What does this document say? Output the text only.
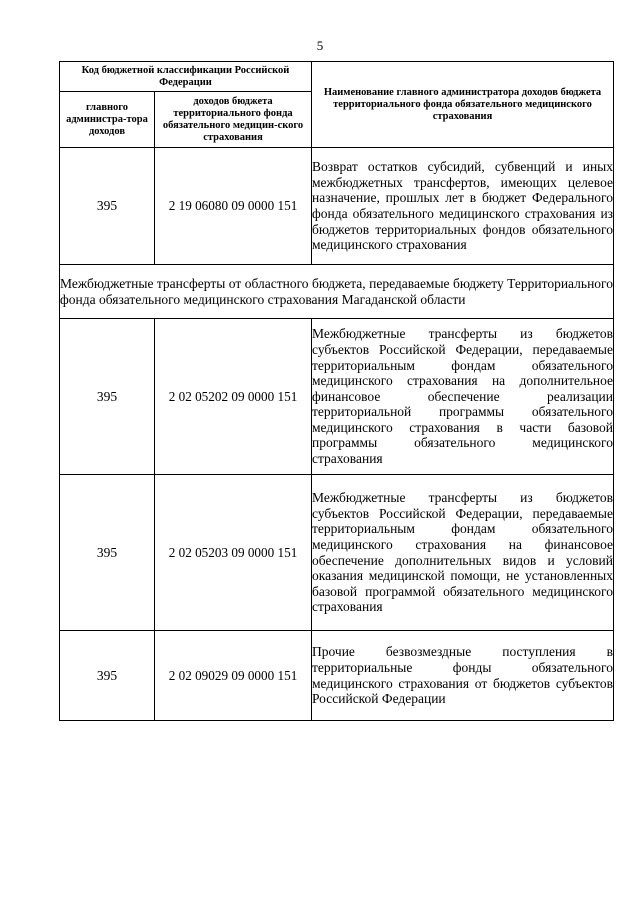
5
Код бюджетной классификации Российской Федерации		Наименование главного администратора доходов бюджета территориального фонда обязательного медицинского страхования
главного администра-тора доходов	доходов бюджета территориального фонда обязательного медицин-ского страхования	
395	2 19 06080 09 0000 151	Возврат остатков субсидий, субвенций и иных межбюджетных трансфертов, имеющих целевое назначение, прошлых лет в бюджет Федерального фонда обязательного медицинского страхования из бюджетов территориальных фондов обязательного медицинского страхования
Межбюджетные трансферты от областного бюджета, передаваемые бюджету Территориального фонда обязательного медицинского страхования Магаданской области		
395	2 02 05202 09 0000 151	Межбюджетные трансферты из бюджетов субъектов Российской Федерации, передаваемые территориальным фондам обязательного медицинского страхования на дополнительное финансовое обеспечение реализации территориальной программы обязательного медицинского страхования в части базовой программы обязательного медицинского страхования
395	2 02 05203 09 0000 151	Межбюджетные трансферты из бюджетов субъектов Российской Федерации, передаваемые территориальным фондам обязательного медицинского страхования на финансовое обеспечение дополнительных видов и условий оказания медицинской помощи, не установленных базовой программой обязательного медицинского страхования
395	2 02 09029 09 0000 151	Прочие безвозмездные поступления в территориальные фонды обязательного медицинского страхования от бюджетов субъектов Российской Федерации
